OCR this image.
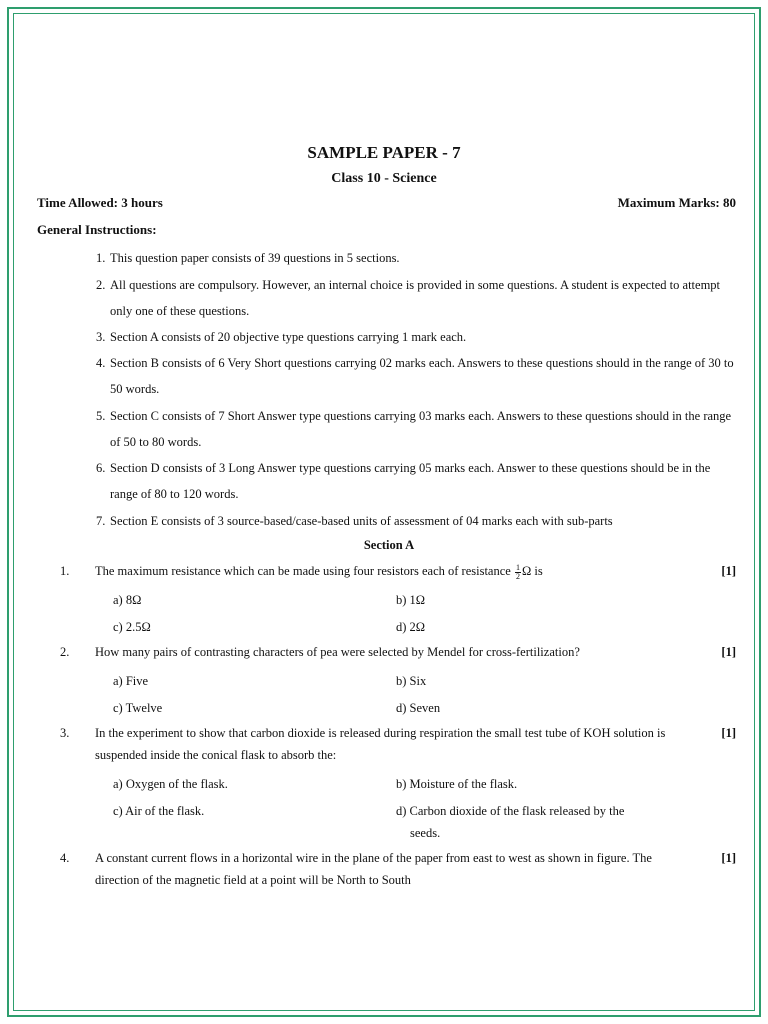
SAMPLE PAPER - 7
Class 10 - Science
Time Allowed: 3 hours	Maximum Marks: 80
General Instructions:
1. This question paper consists of 39 questions in 5 sections.
2. All questions are compulsory. However, an internal choice is provided in some questions. A student is expected to attempt only one of these questions.
3. Section A consists of 20 objective type questions carrying 1 mark each.
4. Section B consists of 6 Very Short questions carrying 02 marks each. Answers to these questions should in the range of 30 to 50 words.
5. Section C consists of 7 Short Answer type questions carrying 03 marks each. Answers to these questions should in the range of 50 to 80 words.
6. Section D consists of 3 Long Answer type questions carrying 05 marks each. Answer to these questions should be in the range of 80 to 120 words.
7. Section E consists of 3 source-based/case-based units of assessment of 04 marks each with sub-parts
Section A
1. The maximum resistance which can be made using four resistors each of resistance $\frac{1}{2}$ Ω is	[1]
a) 8Ω	b) 1Ω
c) 2.5Ω	d) 2Ω
2. How many pairs of contrasting characters of pea were selected by Mendel for cross-fertilization?	[1]
a) Five	b) Six
c) Twelve	d) Seven
3. In the experiment to show that carbon dioxide is released during respiration the small test tube of KOH solution is suspended inside the conical flask to absorb the:
[1]
a) Oxygen of the flask.	b) Moisture of the flask.
c) Air of the flask.	d) Carbon dioxide of the flask released by the seeds.
4. A constant current flows in a horizontal wire in the plane of the paper from east to west as shown in figure. The direction of the magnetic field at a point will be North to South
[1]
